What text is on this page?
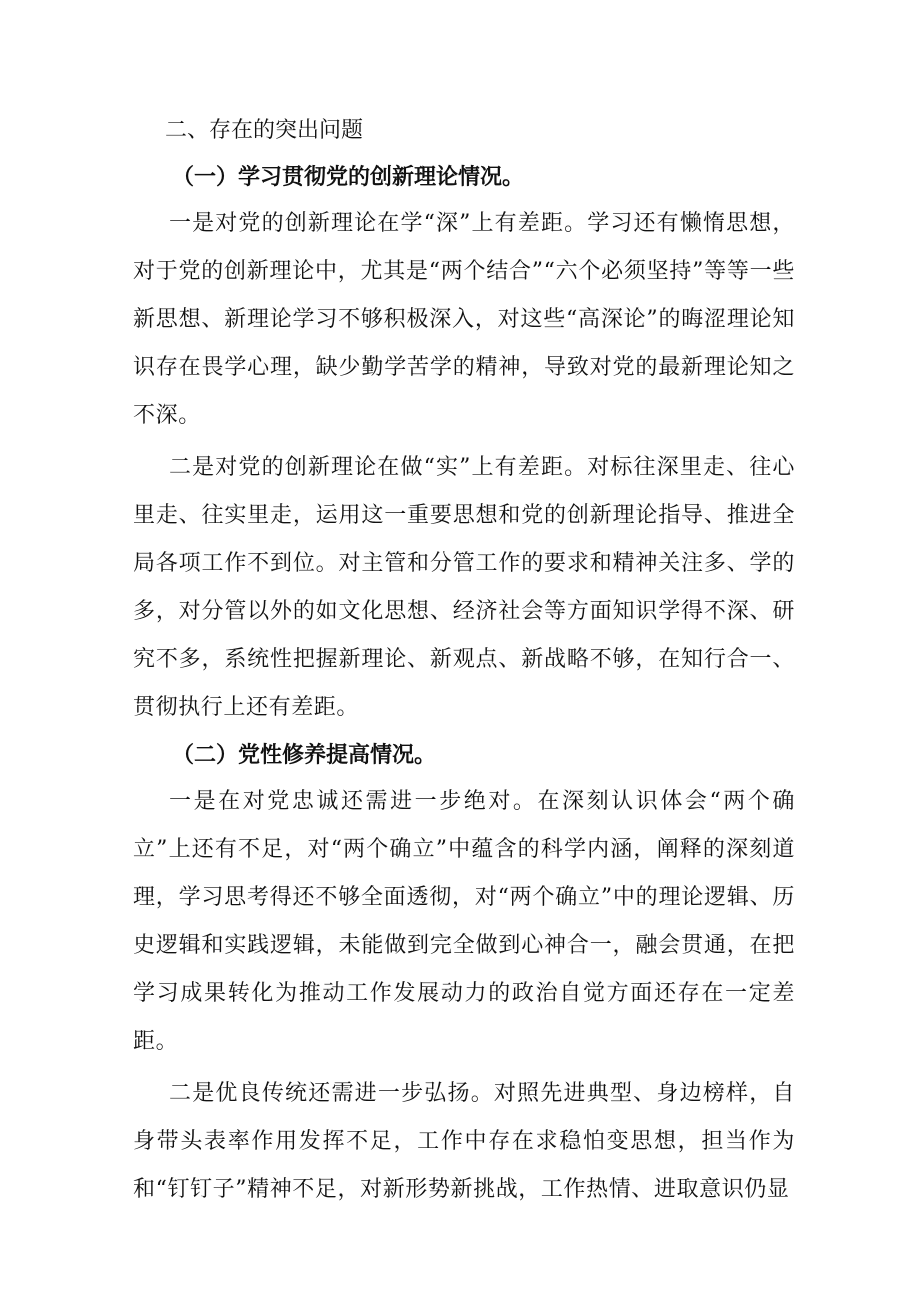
二、存在的突出问题

（一）学习贯彻党的创新理论情况。

一是对党的创新理论在学“深”上有差距。学习还有懒惰思想，对于党的创新理论中，尤其是“两个结合”“六个必须坚持”等等一些新思想、新理论学习不够积极深入，对这些“高深论”的晦涩理论知识存在畏学心理，缺少勤学苦学的精神，导致对党的最新理论知之不深。

二是对党的创新理论在做“实”上有差距。对标往深里走、往心里走、往实里走，运用这一重要思想和党的创新理论指导、推进全局各项工作不到位。对主管和分管工作的要求和精神关注多、学的多，对分管以外的如文化思想、经济社会等方面知识学得不深、研究不多，系统性把握新理论、新观点、新战略不够，在知行合一、贯彻执行上还有差距。

（二）党性修养提高情况。

一是在对党忠诚还需进一步绝对。在深刻认识体会“两个确立”上还有不足，对“两个确立”中蕴含的科学内涵，阐释的深刻道理，学习思考得还不够全面透彻，对“两个确立”中的理论逻辑、历史逻辑和实践逻辑，未能做到完全做到心神合一，融会贯通，在把学习成果转化为推动工作发展动力的政治自觉方面还存在一定差距。

二是优良传统还需进一步弘扬。对照先进典型、身边榜样，自身带头表率作用发挥不足，工作中存在求稳怕变思想，担当作为和“钉钉子”精神不足，对新形势新挑战，工作热情、进取意识仍显
